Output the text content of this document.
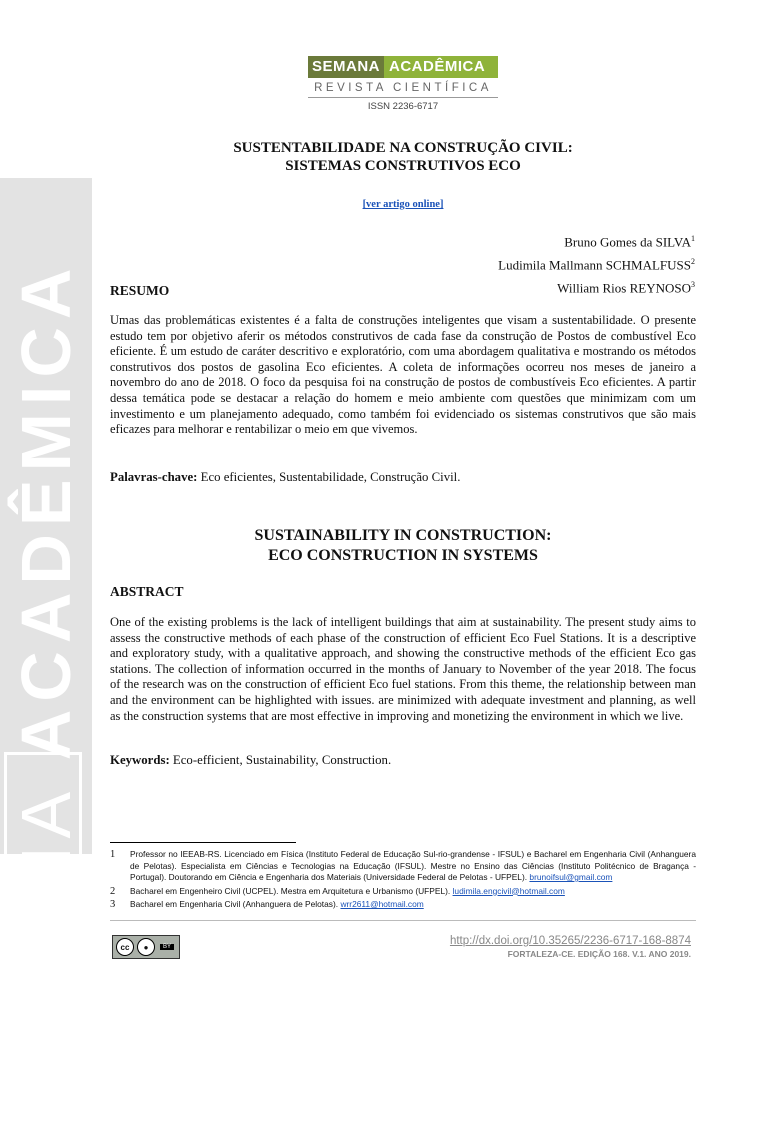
SEMANA ACADÊMICA
SEMANA ACADÊMICA
REVISTA CIENTÍFICA
ISSN 2236-6717
SUSTENTABILIDADE NA CONSTRUÇÃO CIVIL:
SISTEMAS CONSTRUTIVOS ECO
[ver artigo online]
Bruno Gomes da SILVA$^1$
Ludimila Mallmann SCHMALFUSS$^2$
William Rios REYNOSO$^3$
RESUMO
Umas das problemáticas existentes é a falta de construções inteligentes que visam a sustentabilidade. O presente estudo tem por objetivo aferir os métodos construtivos de cada fase da construção de Postos de combustível Eco eficiente. É um estudo de caráter descritivo e exploratório, com uma abordagem qualitativa e mostrando os métodos construtivos dos postos de gasolina Eco eficientes. A coleta de informações ocorreu nos meses de janeiro a novembro do ano de 2018. O foco da pesquisa foi na construção de postos de combustíveis Eco eficientes. A partir dessa temática pode se destacar a relação do homem e meio ambiente com questões que minimizam com um investimento e um planejamento adequado, como também foi evidenciado os sistemas construtivos que são mais eficazes para melhorar e rentabilizar o meio em que vivemos.
Palavras-chave: Eco eficientes, Sustentabilidade, Construção Civil.
SUSTAINABILITY IN CONSTRUCTION:
ECO CONSTRUCTION IN SYSTEMS
ABSTRACT
One of the existing problems is the lack of intelligent buildings that aim at sustainability. The present study aims to assess the constructive methods of each phase of the construction of efficient Eco Fuel Stations. It is a descriptive and exploratory study, with a qualitative approach, and showing the constructive methods of the efficient Eco gas stations. The collection of information occurred in the months of January to November of the year 2018. The focus of the research was on the construction of efficient Eco fuel stations. From this theme, the relationship between man and the environment can be highlighted with issues. are minimized with adequate investment and planning, as well as the construction systems that are most effective in improving and monetizing the environment in which we live.
Keywords: Eco-efficient, Sustainability, Construction.
1	Professor no IEEAB-RS. Licenciado em Física (Instituto Federal de Educação Sul-rio-grandense - IFSUL) e Bacharel em Engenharia Civil (Anhanguera de Pelotas). Especialista em Ciências e Tecnologias na Educação (IFSUL). Mestre no Ensino das Ciências (Instituto Politécnico de Bragança - Portugal). Doutorando em Ciência e Engenharia dos Materiais (Universidade Federal de Pelotas - UFPEL). brunoifsul@gmail.com
2	Bacharel em Engenheiro Civil (UCPEL). Mestra em Arquitetura e Urbanismo (UFPEL). ludimila.engcivil@hotmail.com
3	Bacharel em Engenharia Civil (Anhanguera de Pelotas). wrr2611@hotmail.com
cc	●	BY	http://dx.doi.org/10.35265/2236-6717-168-8874
FORTALEZA-CE. EDIÇÃO 168. V.1. ANO 2019.
